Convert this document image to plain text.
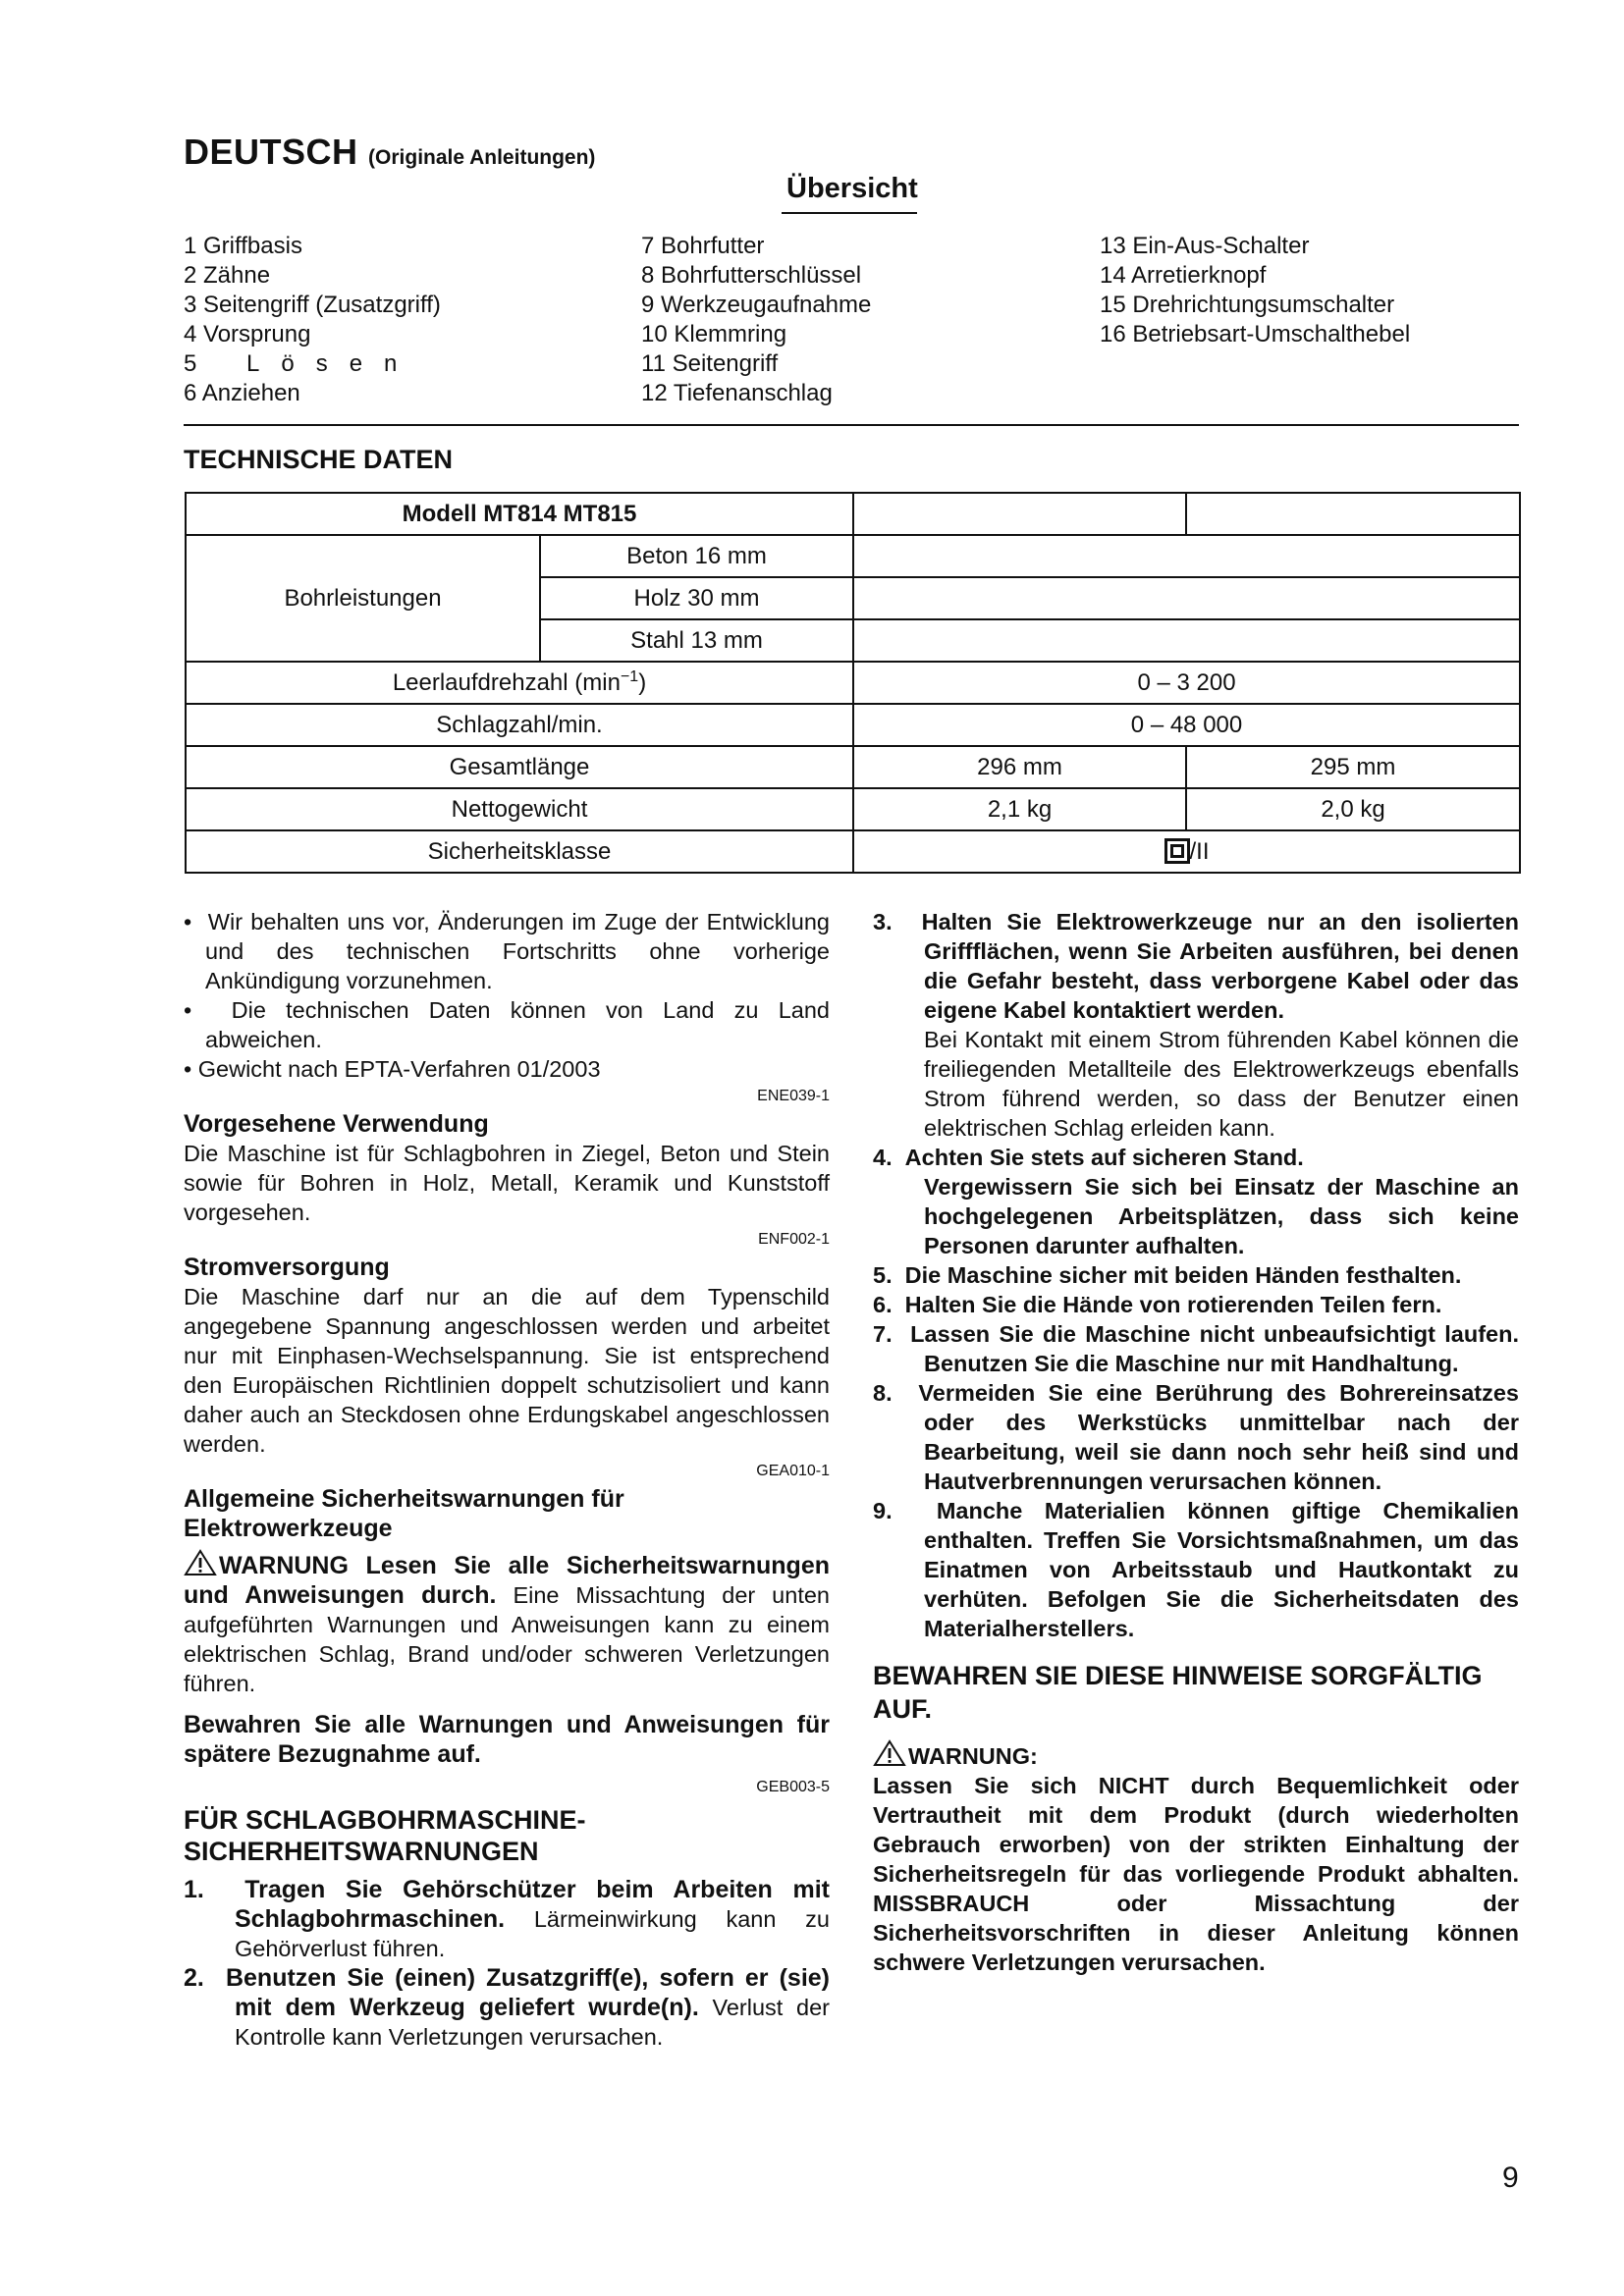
DEUTSCH (Originale Anleitungen)
Übersicht
1 Griffbasis
2 Zähne
3 Seitengriff (Zusatzgriff)
4 Vorsprung
5 Lösen
6 Anziehen
7 Bohrfutter
8 Bohrfutterschlüssel
9 Werkzeugaufnahme
10 Klemmring
11 Seitengriff
12 Tiefenanschlag
13 Ein-Aus-Schalter
14 Arretierknopf
15 Drehrichtungsumschalter
16 Betriebsart-Umschalthebel
TECHNISCHE DATEN
Modell MT814 MT815			
Bohrleistungen	Beton 16 mm		
	Holz 30 mm		
	Stahl 13 mm		
Leerlaufdrehzahl $(\min^{-1})$		0 – 3 200	
Schlagzahl/min.		0 – 48 000	
Gesamtlänge		296 mm	295 mm
Nettogewicht		2,1 kg	2,0 kg
Sicherheitsklasse		/II	

•  Wir behalten uns vor, Änderungen im Zuge der Entwicklung und des technischen Fortschritts ohne vorherige Ankündigung vorzunehmen.

•  Die technischen Daten können von Land zu Land abweichen.

• Gewicht nach EPTA-Verfahren 01/2003

ENE039-1

Vorgesehene Verwendung

Die Maschine ist für Schlagbohren in Ziegel, Beton und Stein sowie für Bohren in Holz, Metall, Keramik und Kunststoff vorgesehen.

ENF002-1

Stromversorgung

Die Maschine darf nur an die auf dem Typenschild angegebene Spannung angeschlossen werden und arbeitet nur mit Einphasen-Wechselspannung. Sie ist entsprechend den Europäischen Richtlinien doppelt schutzisoliert und kann daher auch an Steckdosen ohne Erdungskabel angeschlossen werden.

GEA010-1

Allgemeine Sicherheitswarnungen für Elektrowerkzeuge

WARNUNG Lesen Sie alle Sicherheitswarnungen und Anweisungen durch. Eine Missachtung der unten aufgeführten Warnungen und Anweisungen kann zu einem elektrischen Schlag, Brand und/oder schweren Verletzungen führen.

Bewahren Sie alle Warnungen und Anweisungen für spätere Bezugnahme auf.

GEB003-5

FÜR SCHLAGBOHRMASCHINE-SICHERHEITSWARNUNGEN

1.  Tragen Sie Gehörschützer beim Arbeiten mit Schlagbohrmaschinen. Lärmeinwirkung kann zu Gehörverlust führen.

2.  Benutzen Sie (einen) Zusatzgriff(e), sofern er (sie) mit dem Werkzeug geliefert wurde(n). Verlust der Kontrolle kann Verletzungen verursachen.

3.  Halten Sie Elektrowerkzeuge nur an den isolierten Griffflächen, wenn Sie Arbeiten ausführen, bei denen die Gefahr besteht, dass verborgene Kabel oder das eigene Kabel kontaktiert werden.

Bei Kontakt mit einem Strom führenden Kabel können die freiliegenden Metallteile des Elektrowerkzeugs ebenfalls Strom führend werden, so dass der Benutzer einen elektrischen Schlag erleiden kann.

4.  Achten Sie stets auf sicheren Stand.

Vergewissern Sie sich bei Einsatz der Maschine an hochgelegenen Arbeitsplätzen, dass sich keine Personen darunter aufhalten.

5.  Die Maschine sicher mit beiden Händen festhalten.

6.  Halten Sie die Hände von rotierenden Teilen fern.

7.  Lassen Sie die Maschine nicht unbeaufsichtigt laufen. Benutzen Sie die Maschine nur mit Handhaltung.

8.  Vermeiden Sie eine Berührung des Bohrereinsatzes oder des Werkstücks unmittelbar nach der Bearbeitung, weil sie dann noch sehr heiß sind und Hautverbrennungen verursachen können.

9.  Manche Materialien können giftige Chemikalien enthalten. Treffen Sie Vorsichtsmaßnahmen, um das Einatmen von Arbeitsstaub und Hautkontakt zu verhüten. Befolgen Sie die Sicherheitsdaten des Materialherstellers.

BEWAHREN SIE DIESE HINWEISE SORGFÄLTIG AUF.

WARNUNG:

Lassen Sie sich NICHT durch Bequemlichkeit oder Vertrautheit mit dem Produkt (durch wiederholten Gebrauch erworben) von der strikten Einhaltung der Sicherheitsregeln für das vorliegende Produkt abhalten. MISSBRAUCH oder Missachtung der Sicherheitsvorschriften in dieser Anleitung können schwere Verletzungen verursachen.

9
